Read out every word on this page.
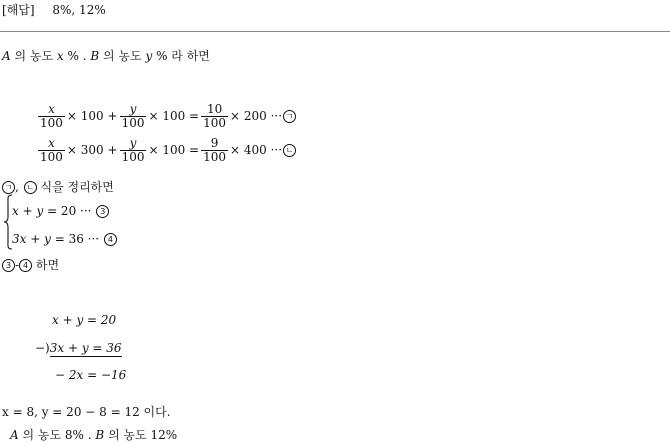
[해답] 8%, 12%
A 의 농도 x % . B 의 농도 y % 라 하면
$\frac{x}{100} \times 100 + \frac{y}{100} \times 100 = \frac{10}{100} \times 200$ ··· ㄱ
$\frac{x}{100} \times 300 + \frac{y}{100} \times 100 = \frac{9}{100} \times 400$ ··· ㄴ
ㄱ , ㄴ 식을 정리하면
x + y = 20 ··· 3
3x + y = 36 ··· 4
3 - 4 하면
x + y = 20
−)3x + y = 36
− 2x = −16
x = 8, y = 20 − 8 = 12 이다.
A 의 농도 8% . B 의 농도 12%
